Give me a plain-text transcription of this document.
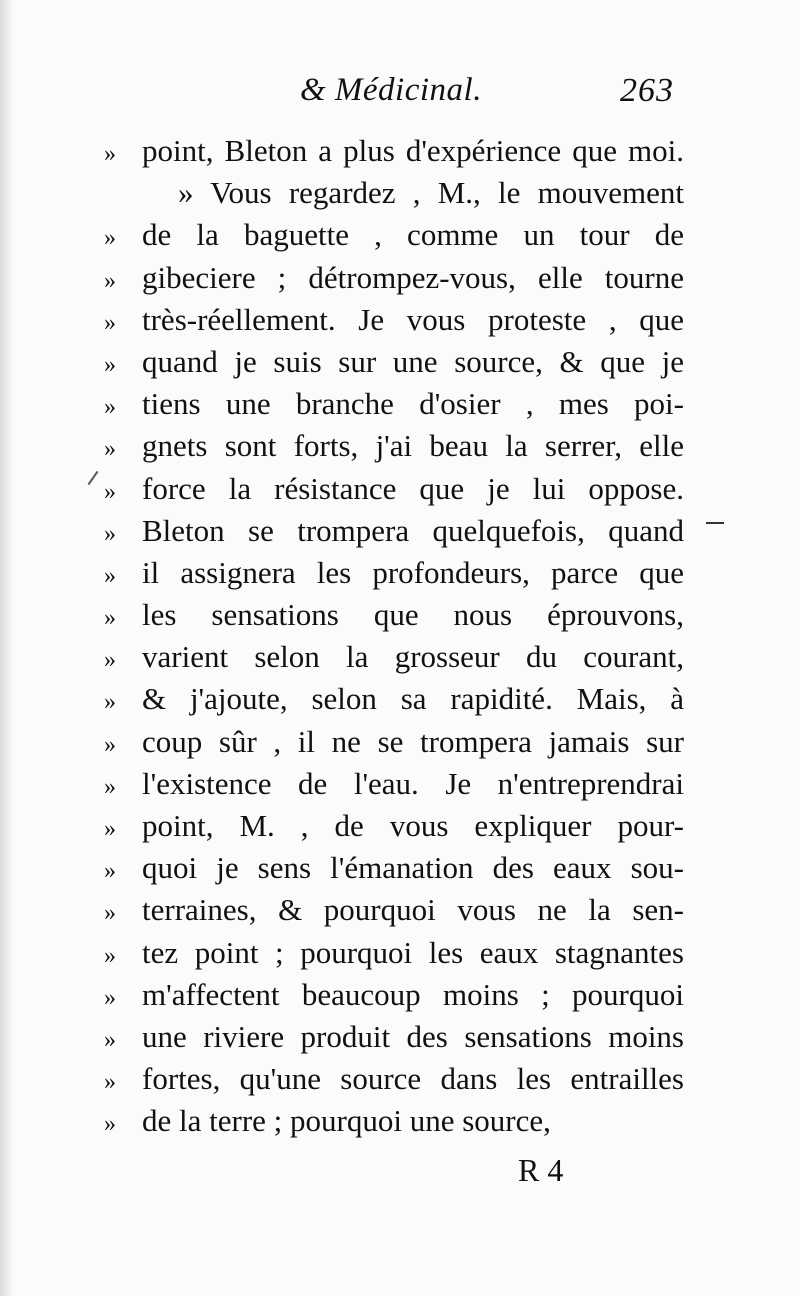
& Médicinal.	263
» point, Bleton a plus d'expérience que moi.
» Vous regardez , M., le mouvement
» de la baguette , comme un tour de
» gibeciere ; détrompez-vous, elle tourne
» très-réellement. Je vous proteste , que
» quand je suis sur une source, & que je
» tiens une branche d'osier , mes poi-
» gnets sont forts, j'ai beau la serrer, elle
» force la résistance que je lui oppose.
» Bleton se trompera quelquefois, quand
» il assignera les profondeurs, parce que
» les sensations que nous éprouvons,
» varient selon la grosseur du courant,
» & j'ajoute, selon sa rapidité. Mais, à
» coup sûr , il ne se trompera jamais sur
» l'existence de l'eau. Je n'entreprendrai
» point, M. , de vous expliquer pour-
» quoi je sens l'émanation des eaux sou-
» terraines, & pourquoi vous ne la sen-
» tez point ; pourquoi les eaux stagnantes
» m'affectent beaucoup moins ; pourquoi
» une riviere produit des sensations moins
» fortes, qu'une source dans les entrailles
» de la terre ; pourquoi une source,
R 4
